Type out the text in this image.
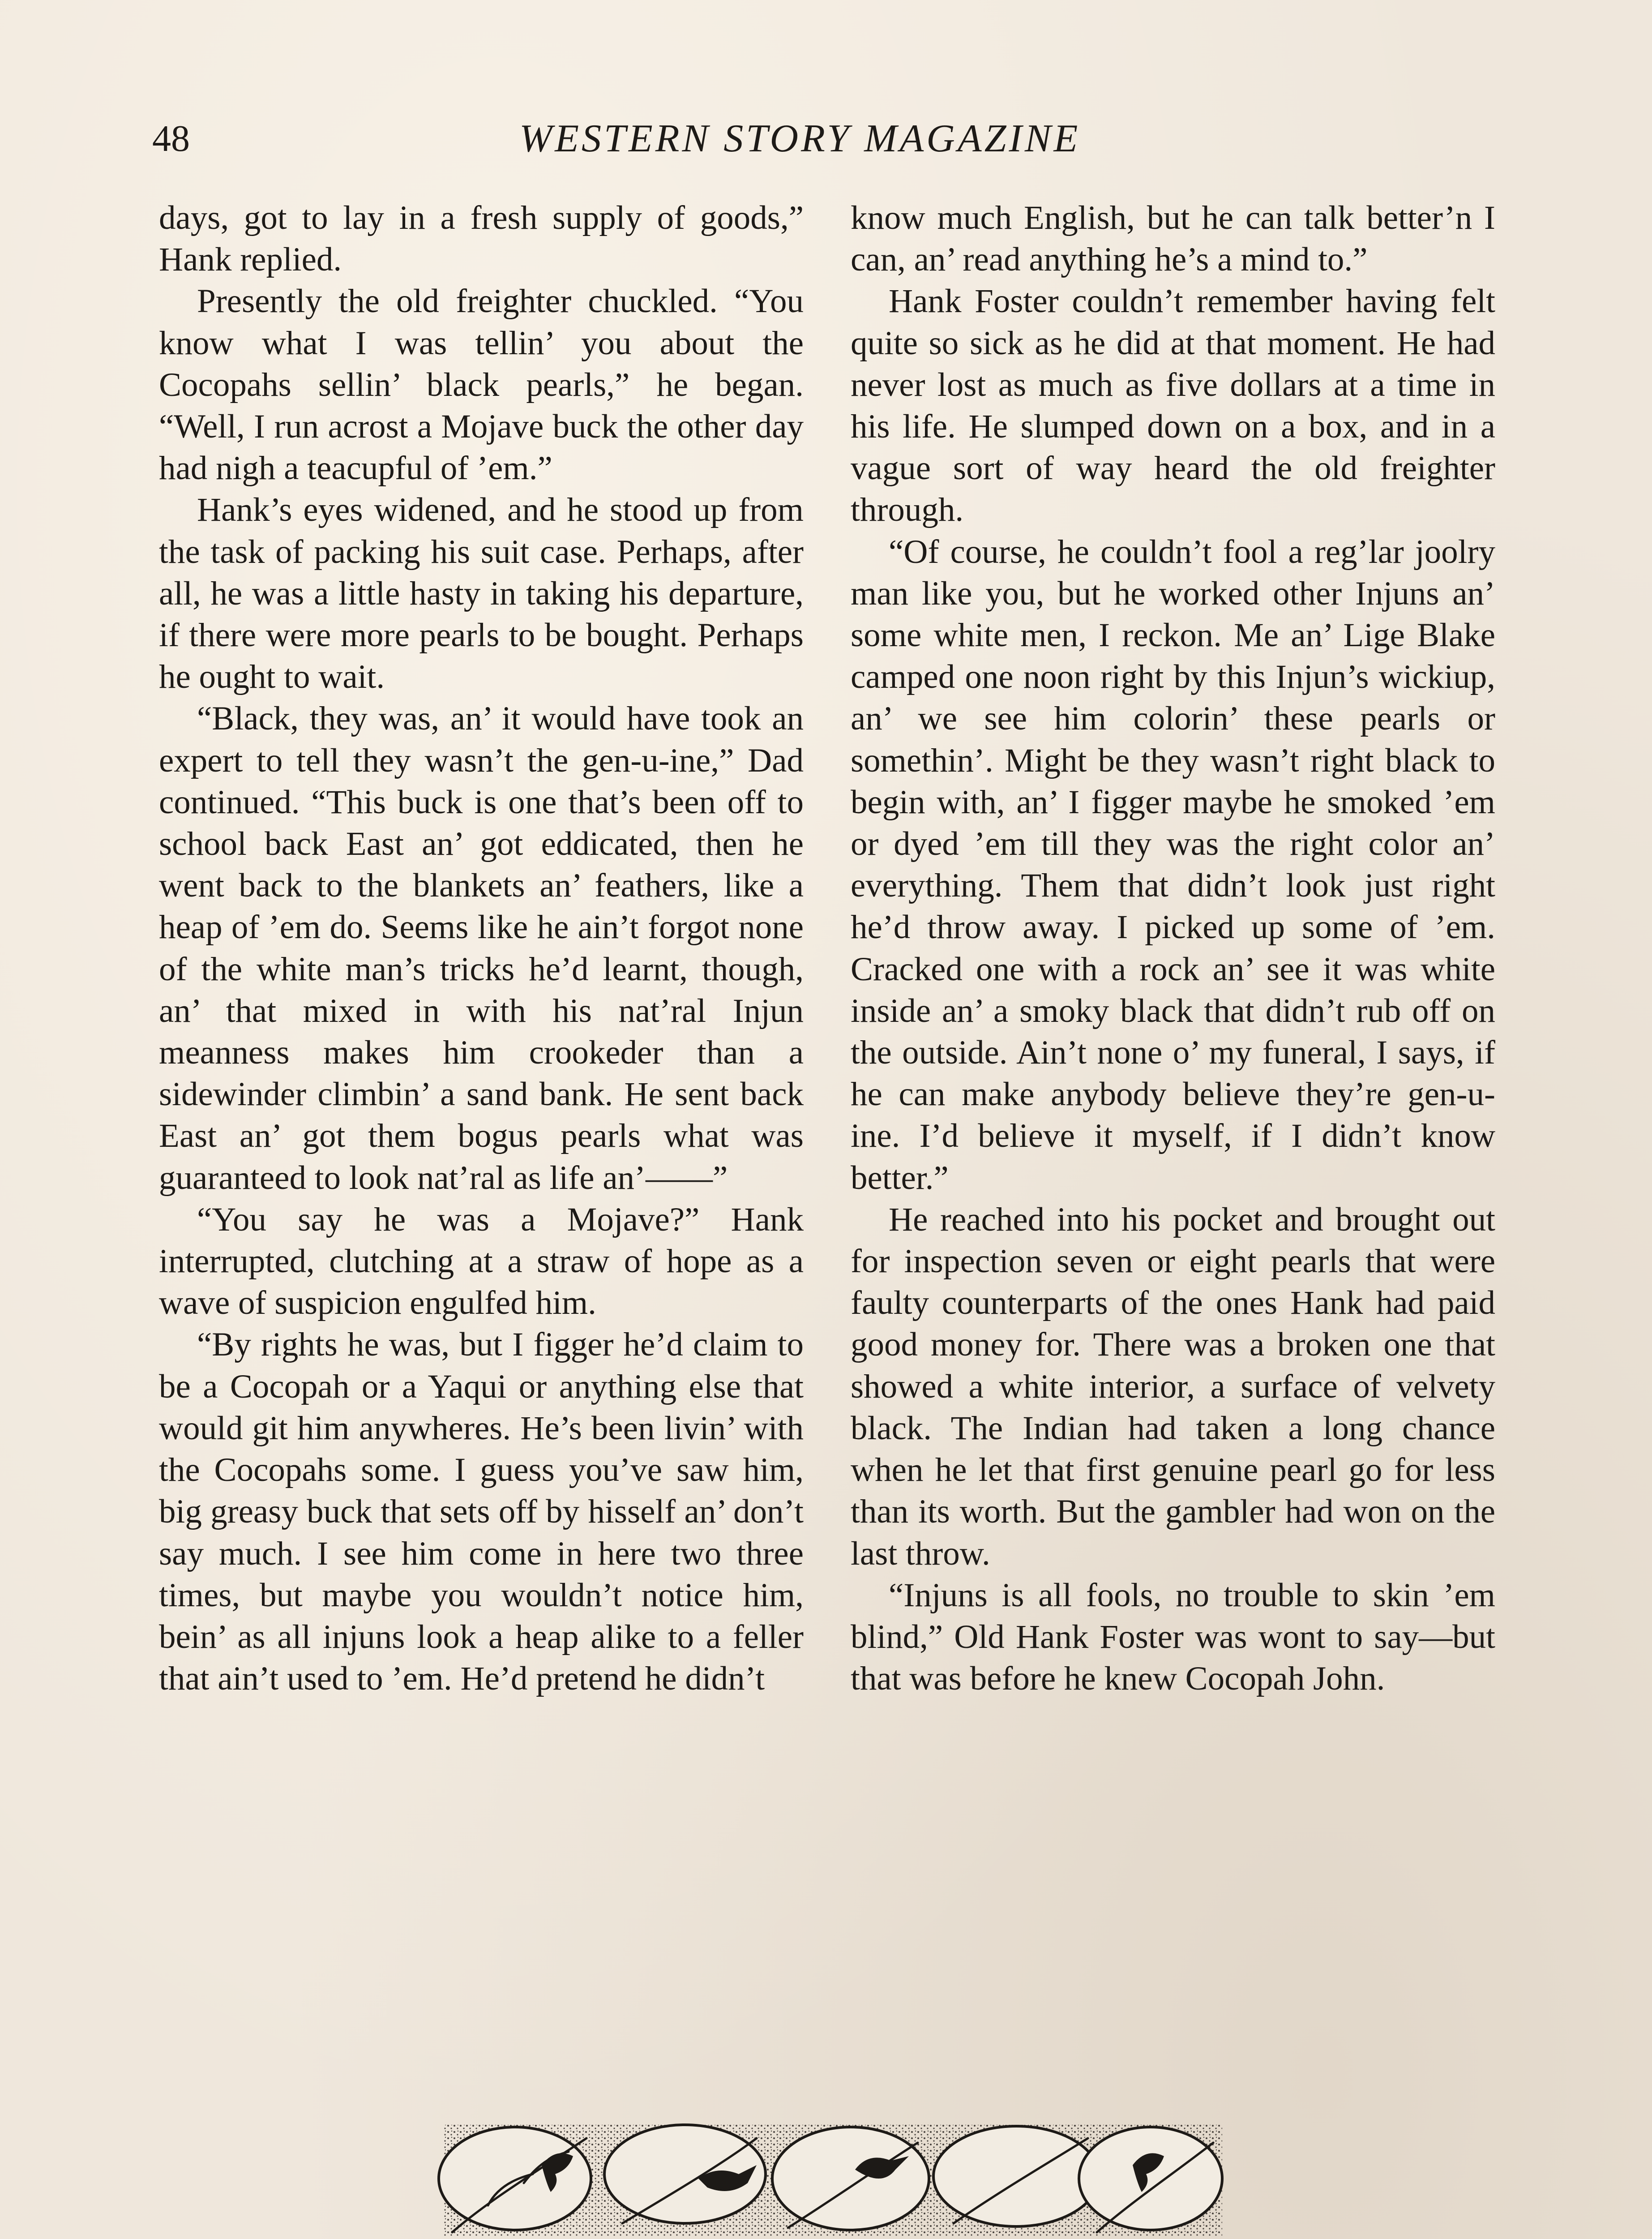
48	WESTERN STORY MAGAZINE

days, got to lay in a fresh supply of goods,” Hank replied.

Presently the old freighter chuckled. “You know what I was tellin’ you about the Cocopahs sellin’ black pearls,” he began. “Well, I run acrost a Mojave buck the other day had nigh a teacupful of ’em.”

Hank’s eyes widened, and he stood up from the task of packing his suit case. Perhaps, after all, he was a little hasty in taking his departure, if there were more pearls to be bought. Perhaps he ought to wait.

“Black, they was, an’ it would have took an expert to tell they wasn’t the gen-u-ine,” Dad continued. “This buck is one that’s been off to school back East an’ got eddicated, then he went back to the blankets an’ feathers, like a heap of ’em do. Seems like he ain’t forgot none of the white man’s tricks he’d learnt, though, an’ that mixed in with his nat’ral Injun meanness makes him crookeder than a sidewinder climbin’ a sand bank. He sent back East an’ got them bogus pearls what was guaranteed to look nat’ral as life an’——”

“You say he was a Mojave?” Hank interrupted, clutching at a straw of hope as a wave of suspicion engulfed him.

“By rights he was, but I figger he’d claim to be a Cocopah or a Yaqui or anything else that would git him anywheres. He’s been livin’ with the Cocopahs some. I guess you’ve saw him, big greasy buck that sets off by hisself an’ don’t say much. I see him come in here two three times, but maybe you wouldn’t notice him, bein’ as all injuns look a heap alike to a feller that ain’t used to ’em. He’d pretend he didn’t

know much English, but he can talk better’n I can, an’ read anything he’s a mind to.”

Hank Foster couldn’t remember having felt quite so sick as he did at that moment. He had never lost as much as five dollars at a time in his life. He slumped down on a box, and in a vague sort of way heard the old freighter through.

“Of course, he couldn’t fool a reg’lar joolry man like you, but he worked other Injuns an’ some white men, I reckon. Me an’ Lige Blake camped one noon right by this Injun’s wickiup, an’ we see him colorin’ these pearls or somethin’. Might be they wasn’t right black to begin with, an’ I figger maybe he smoked ’em or dyed ’em till they was the right color an’ everything. Them that didn’t look just right he’d throw away. I picked up some of ’em. Cracked one with a rock an’ see it was white inside an’ a smoky black that didn’t rub off on the outside. Ain’t none o’ my funeral, I says, if he can make anybody believe they’re gen-u-ine. I’d believe it myself, if I didn’t know better.”

He reached into his pocket and brought out for inspection seven or eight pearls that were faulty counterparts of the ones Hank had paid good money for. There was a broken one that showed a white interior, a surface of velvety black. The Indian had taken a long chance when he let that first genuine pearl go for less than its worth. But the gambler had won on the last throw.

“Injuns is all fools, no trouble to skin ’em blind,” Old Hank Foster was wont to say—but that was before he knew Cocopah John.
